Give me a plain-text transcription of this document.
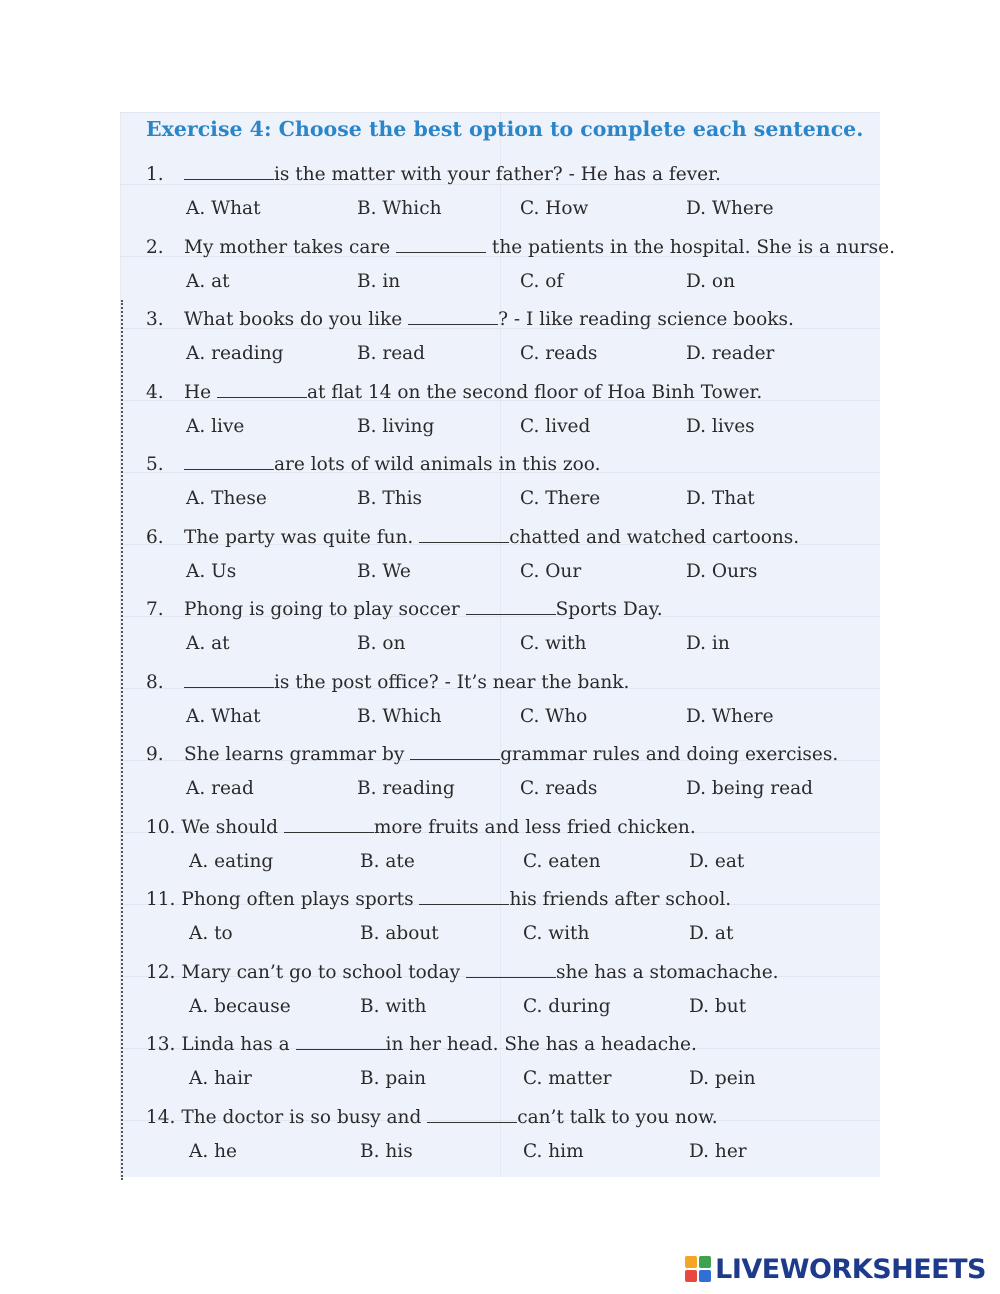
Exercise 4: Choose the best option to complete each sentence.
1.	is the matter with your father? - He has a fever.
A. What	B. Which	C. How	D. Where
2. My mother takes care	the patients in the hospital. She is a nurse.
A. at	B. in	C. of	D. on
3. What books do you like	? - I like reading science books.
A. reading	B. read	C. reads	D. reader
4. He	at flat 14 on the second floor of Hoa Binh Tower.
A. live	B. living	C. lived	D. lives
5.	are lots of wild animals in this zoo.
A. These	B. This	C. There	D. That
6. The party was quite fun.	chatted and watched cartoons.
A. Us	B. We	C. Our	D. Ours
7. Phong is going to play soccer	Sports Day.
A. at	B. on	C. with	D. in
8.	is the post office? - It’s near the bank.
A. What	B. Which	C. Who	D. Where
9. She learns grammar by	grammar rules and doing exercises.
A. read	B. reading	C. reads	D. being read
10. We should	more fruits and less fried chicken.
A. eating	B. ate	C. eaten	D. eat
11. Phong often plays sports	his friends after school.
A. to	B. about	C. with	D. at
12. Mary can’t go to school today	she has a stomachache.
A. because	B. with	C. during	D. but
13. Linda has a	in her head. She has a headache.
A. hair	B. pain	C. matter	D. pein
14. The doctor is so busy and	can’t talk to you now.
A. he	B. his	C. him	D. her
LIVEWORKSHEETS
